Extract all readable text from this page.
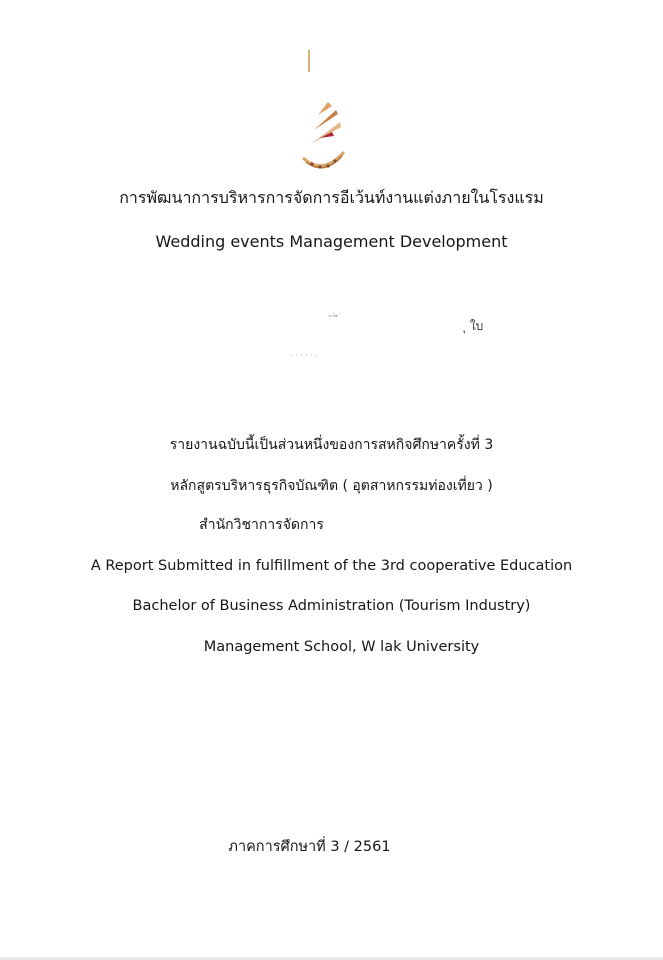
การพัฒนาการบริหารการจัดการอีเว้นท์งานแต่งภายในโรงแรม
Wedding events Management Development
ุ ใบ
ั ่ ี ่
· · · · · ·
รายงานฉบับนี้เป็นส่วนหนึ่งของการสหกิจศึกษาครั้งที่ 3
หลักสูตรบริหารธุรกิจบัณฑิต ( อุตสาหกรรมท่องเที่ยว )
สำนักวิชาการจัดการ
A Report Submitted in fulfillment of the 3rd cooperative Education
Bachelor of Business Administration (Tourism Industry)
Management School, W lak University
ภาคการศึกษาที่ 3 / 2561
